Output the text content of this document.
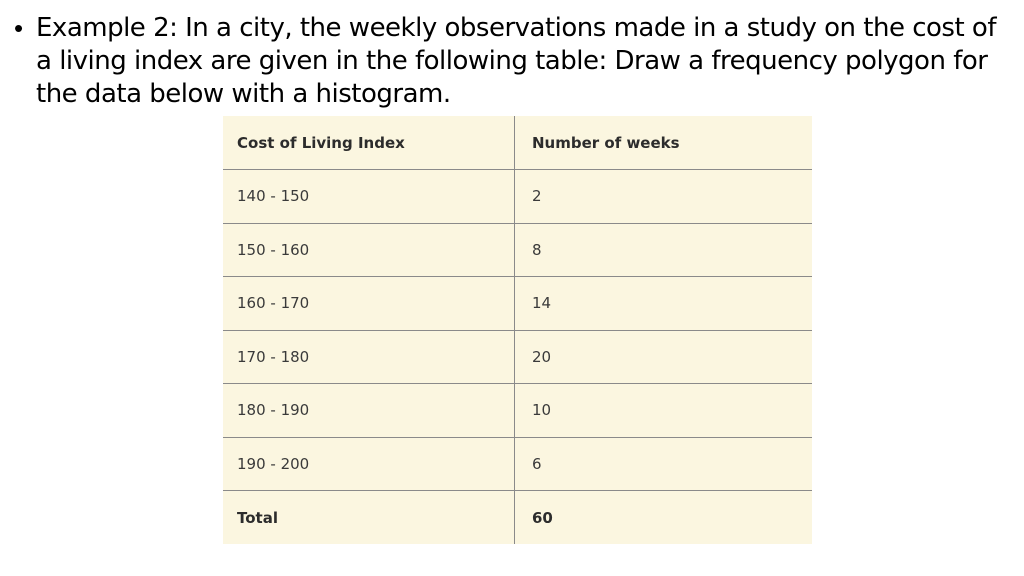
• Example 2: In a city, the weekly observations made in a study on the cost of a living index are given in the following table: Draw a frequency polygon for the data below with a histogram.
Cost of Living Index	Number of weeks
140 - 150	2
150 - 160	8
160 - 170	14
170 - 180	20
180 - 190	10
190 - 200	6
Total	60
